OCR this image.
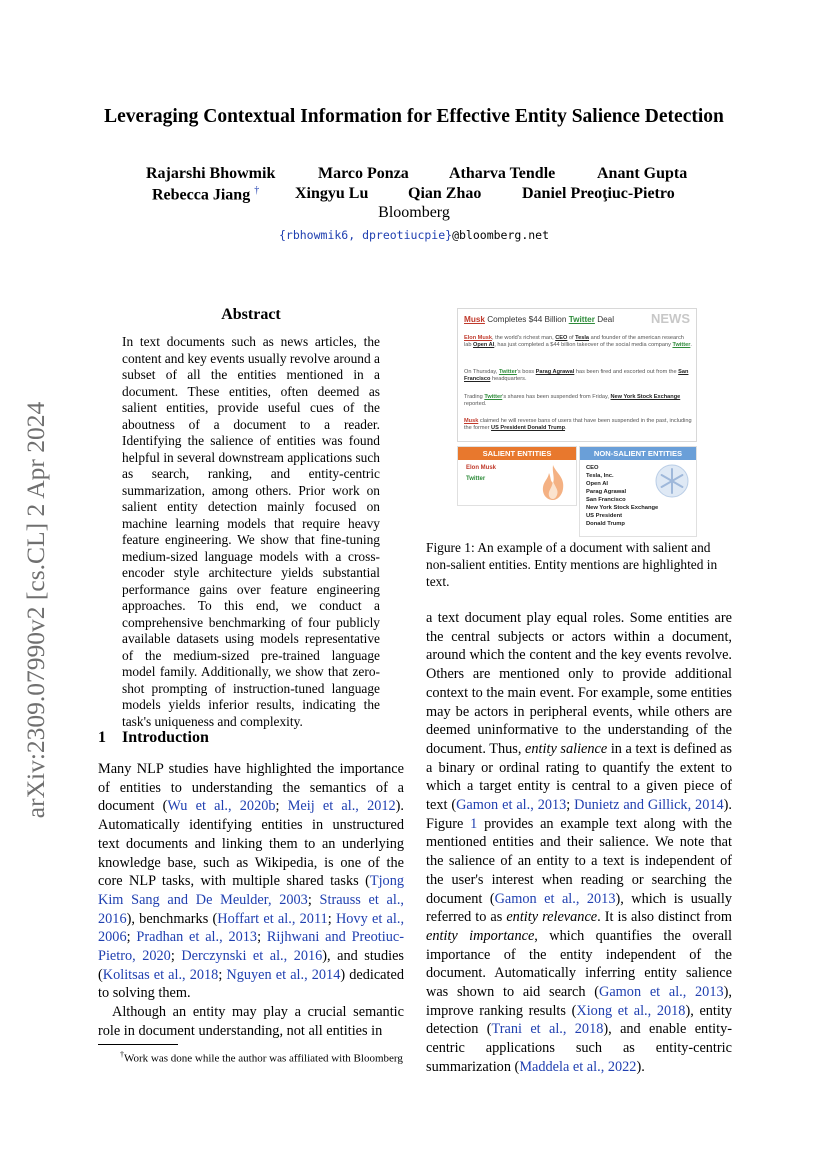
Leveraging Contextual Information for Effective Entity Salience Detection
Rajarshi Bhowmik	Marco Ponza	Atharva Tendle	Anant Gupta
Rebecca Jiang † Xingyu Lu Qian Zhao	Daniel Preoţiuc-Pietro
Bloomberg
{rbhowmik6, dpreotiucpie}@bloomberg.net
arXiv:2309.07990v2 [cs.CL] 2 Apr 2024
Abstract

In text documents such as news articles, the content and key events usually revolve around a subset of all the entities mentioned in a document. These entities, often deemed as salient entities, provide useful cues of the aboutness of a document to a reader. Identifying the salience of entities was found helpful in several downstream applications such as search, ranking, and entity-centric summarization, among others. Prior work on salient entity detection mainly focused on machine learning models that require heavy feature engineering. We show that fine-tuning medium-sized language models with a cross-encoder style architecture yields substantial performance gains over feature engineering approaches. To this end, we conduct a comprehensive benchmarking of four publicly available datasets using models representative of the medium-sized pre-trained language model family. Additionally, we show that zero-shot prompting of instruction-tuned language models yields inferior results, indicating the task's uniqueness and complexity.

1 Introduction

Many NLP studies have highlighted the importance of entities to understanding the semantics of a document (Wu et al., 2020b; Meij et al., 2012). Automatically identifying entities in unstructured text documents and linking them to an underlying knowledge base, such as Wikipedia, is one of the core NLP tasks, with multiple shared tasks (Tjong Kim Sang and De Meulder, 2003; Strauss et al., 2016), benchmarks (Hoffart et al., 2011; Hovy et al., 2006; Pradhan et al., 2013; Rijhwani and Preotiuc-Pietro, 2020; Derczynski et al., 2016), and studies (Kolitsas et al., 2018; Nguyen et al., 2014) dedicated to solving them.

Although an entity may play a crucial semantic role in document understanding, not all entities in

†Work was done while the author was affiliated with Bloomberg
Musk Completes $44 Billion Twitter Deal	NEWS
Elon Musk, the world's richest man, CEO of Tesla and founder of the american research lab Open AI, has just completed a $44 billion takeover of the social media company Twitter.
On Thursday, Twitter's boss Parag Agrawal has been fired and escorted out from the San Francisco headquarters.
Trading Twitter's shares has been suspended from Friday, New York Stock Exchange reported.
Musk claimed he will reverse bans of users that have been suspended in the past, including the former US President Donald Trump.
SALIENT ENTITIES
Elon Musk
Twitter
NON-SALIENT ENTITIES
CEO
Tesla, Inc.
Open AI
Parag Agrawal
San Francisco
New York Stock Exchange
US President
Donald Trump
Figure 1: An example of a document with salient and non-salient entities. Entity mentions are highlighted in text.

a text document play equal roles. Some entities are the central subjects or actors within a document, around which the content and the key events revolve. Others are mentioned only to provide additional context to the main event. For example, some entities may be actors in peripheral events, while others are deemed uninformative to the understanding of the document. Thus, entity salience in a text is defined as a binary or ordinal rating to quantify the extent to which a target entity is central to a given piece of text (Gamon et al., 2013; Dunietz and Gillick, 2014). Figure 1 provides an example text along with the mentioned entities and their salience. We note that the salience of an entity to a text is independent of the user's interest when reading or searching the document (Gamon et al., 2013), which is usually referred to as entity relevance. It is also distinct from entity importance, which quantifies the overall importance of the entity independent of the document. Automatically inferring entity salience was shown to aid search (Gamon et al., 2013), improve ranking results (Xiong et al., 2018), entity detection (Trani et al., 2018), and enable entity-centric applications such as entity-centric summarization (Maddela et al., 2022).
